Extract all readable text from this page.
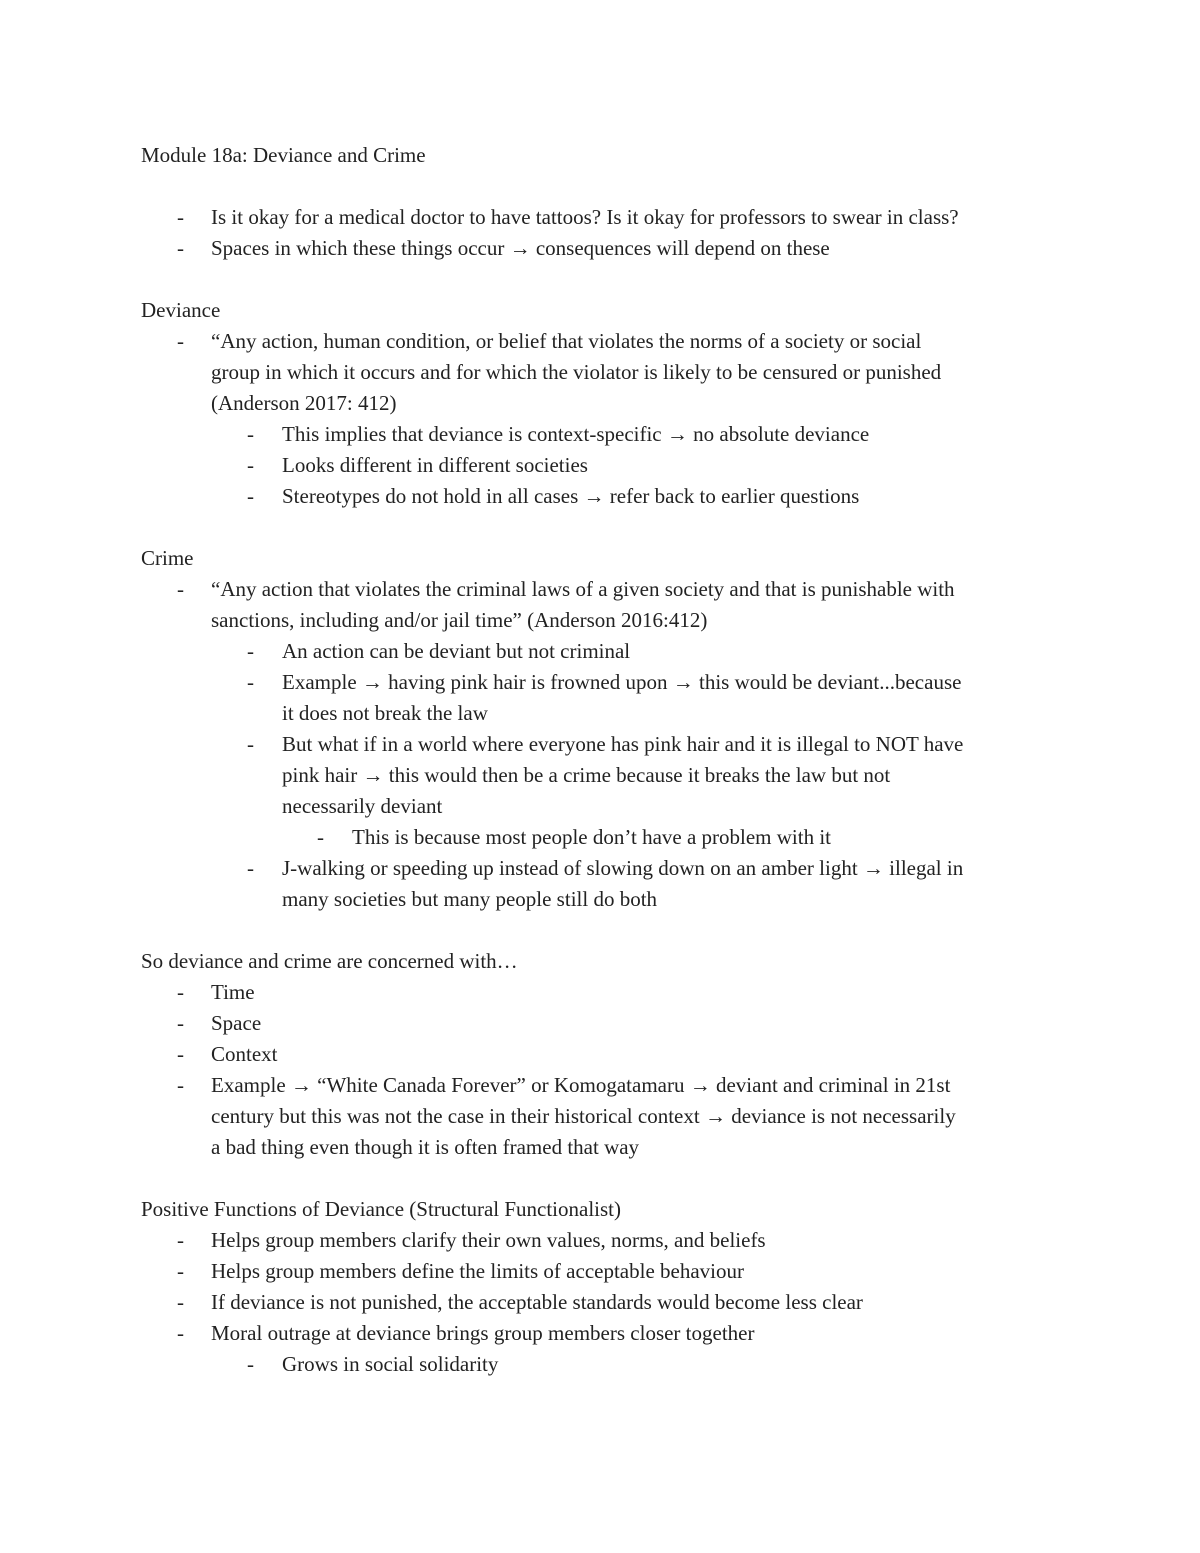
Module 18a: Deviance and Crime

- Is it okay for a medical doctor to have tattoos? Is it okay for professors to swear in class?
- Spaces in which these things occur → consequences will depend on these

Deviance

- “Any action, human condition, or belief that violates the norms of a society or social
group in which it occurs and for which the violator is likely to be censured or punished
(Anderson 2017: 412)
- This implies that deviance is context-specific → no absolute deviance
- Looks different in different societies
- Stereotypes do not hold in all cases → refer back to earlier questions

Crime

- “Any action that violates the criminal laws of a given society and that is punishable with
sanctions, including and/or jail time” (Anderson 2016:412)
- An action can be deviant but not criminal
- Example → having pink hair is frowned upon → this would be deviant...because
it does not break the law
- But what if in a world where everyone has pink hair and it is illegal to NOT have
pink hair → this would then be a crime because it breaks the law but not
necessarily deviant
- This is because most people don’t have a problem with it
- J-walking or speeding up instead of slowing down on an amber light → illegal in
many societies but many people still do both

So deviance and crime are concerned with…

- Time
- Space
- Context
- Example → “White Canada Forever” or Komogatamaru → deviant and criminal in 21st
century but this was not the case in their historical context → deviance is not necessarily
a bad thing even though it is often framed that way

Positive Functions of Deviance (Structural Functionalist)

- Helps group members clarify their own values, norms, and beliefs
- Helps group members define the limits of acceptable behaviour
- If deviance is not punished, the acceptable standards would become less clear
- Moral outrage at deviance brings group members closer together
- Grows in social solidarity
